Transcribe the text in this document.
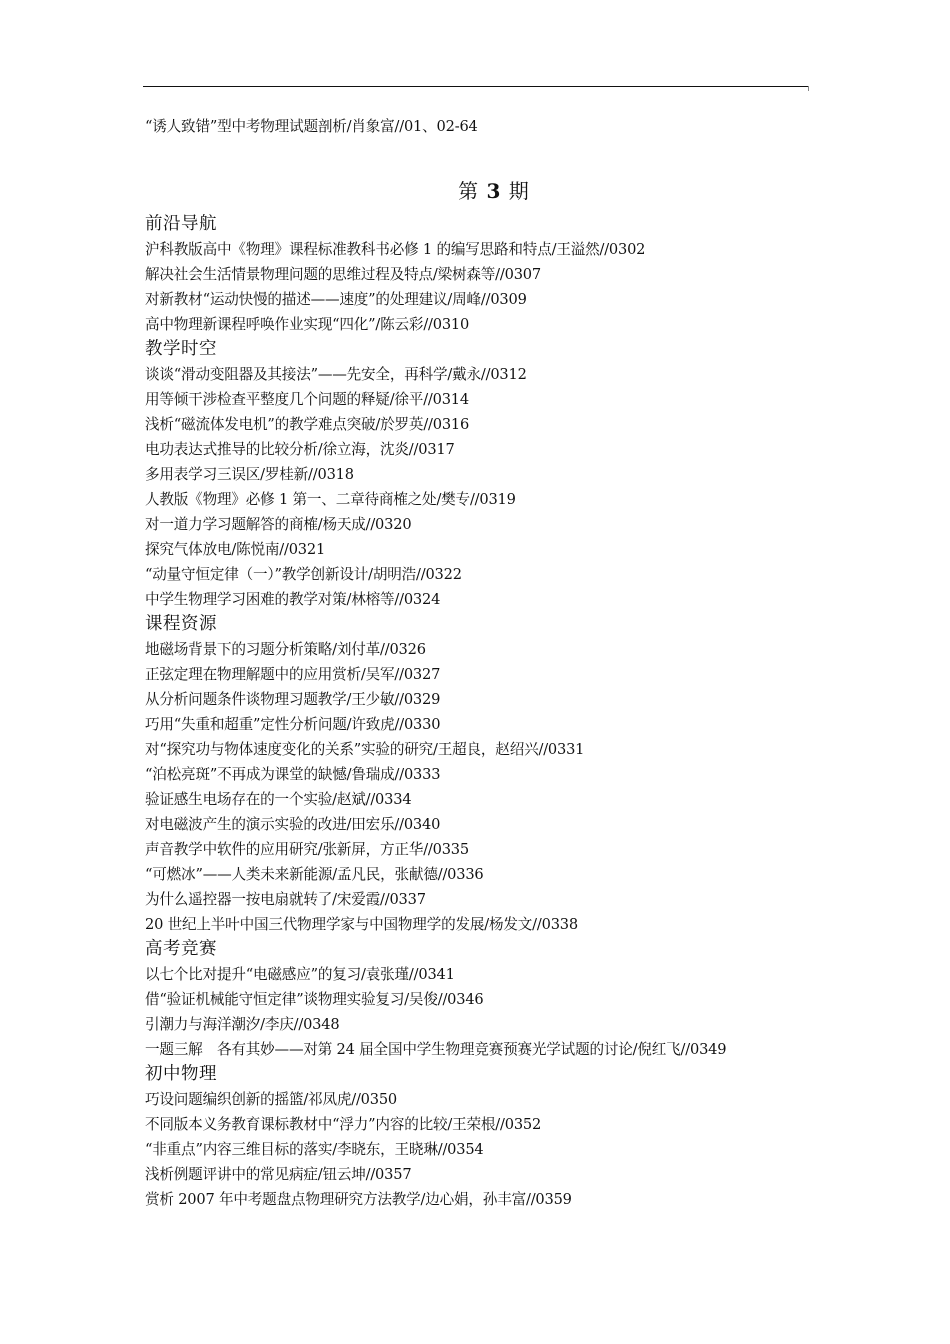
“诱人致错”型中考物理试题剖析/肖象富//01、02-64
第 3 期
前沿导航
沪科教版高中《物理》课程标准教科书必修 1 的编写思路和特点/王溢然//0302
解决社会生活情景物理问题的思维过程及特点/梁树森等//0307
对新教材“运动快慢的描述——速度”的处理建议/周峰//0309
高中物理新课程呼唤作业实现“四化”/陈云彩//0310
教学时空
谈谈“滑动变阻器及其接法”——先安全，再科学/戴永//0312
用等倾干涉检查平整度几个问题的释疑/徐平//0314
浅析“磁流体发电机”的教学难点突破/於罗英//0316
电功表达式推导的比较分析/徐立海，沈炎//0317
多用表学习三误区/罗桂新//0318
人教版《物理》必修 1 第一、二章待商榷之处/樊专//0319
对一道力学习题解答的商榷/杨天成//0320
探究气体放电/陈悦南//0321
“动量守恒定律（一）”教学创新设计/胡明浩//0322
中学生物理学习困难的教学对策/林榕等//0324
课程资源
地磁场背景下的习题分析策略/刘付革//0326
正弦定理在物理解题中的应用赏析/吴军//0327
从分析问题条件谈物理习题教学/王少敏//0329
巧用“失重和超重”定性分析问题/许致虎//0330
对“探究功与物体速度变化的关系”实验的研究/王超良，赵绍兴//0331
“泊松亮斑”不再成为课堂的缺憾/鲁瑞成//0333
验证感生电场存在的一个实验/赵斌//0334
对电磁波产生的演示实验的改进/田宏乐//0340
声音教学中软件的应用研究/张新屏，方正华//0335
“可燃冰”——人类未来新能源/孟凡民，张献德//0336
为什么遥控器一按电扇就转了/宋爱霞//0337
20 世纪上半叶中国三代物理学家与中国物理学的发展/杨发文//0338
高考竞赛
以七个比对提升“电磁感应”的复习/袁张瑾//0341
借“验证机械能守恒定律”谈物理实验复习/吴俊//0346
引潮力与海洋潮汐/李庆//0348
一题三解　各有其妙——对第 24 届全国中学生物理竞赛预赛光学试题的讨论/倪红飞//0349
初中物理
巧设问题编织创新的摇篮/祁凤虎//0350
不同版本义务教育课标教材中“浮力”内容的比较/王荣根//0352
“非重点”内容三维目标的落实/李晓东，王晓琳//0354
浅析例题评讲中的常见病症/钮云坤//0357
赏析 2007 年中考题盘点物理研究方法教学/边心娟，孙丰富//0359
